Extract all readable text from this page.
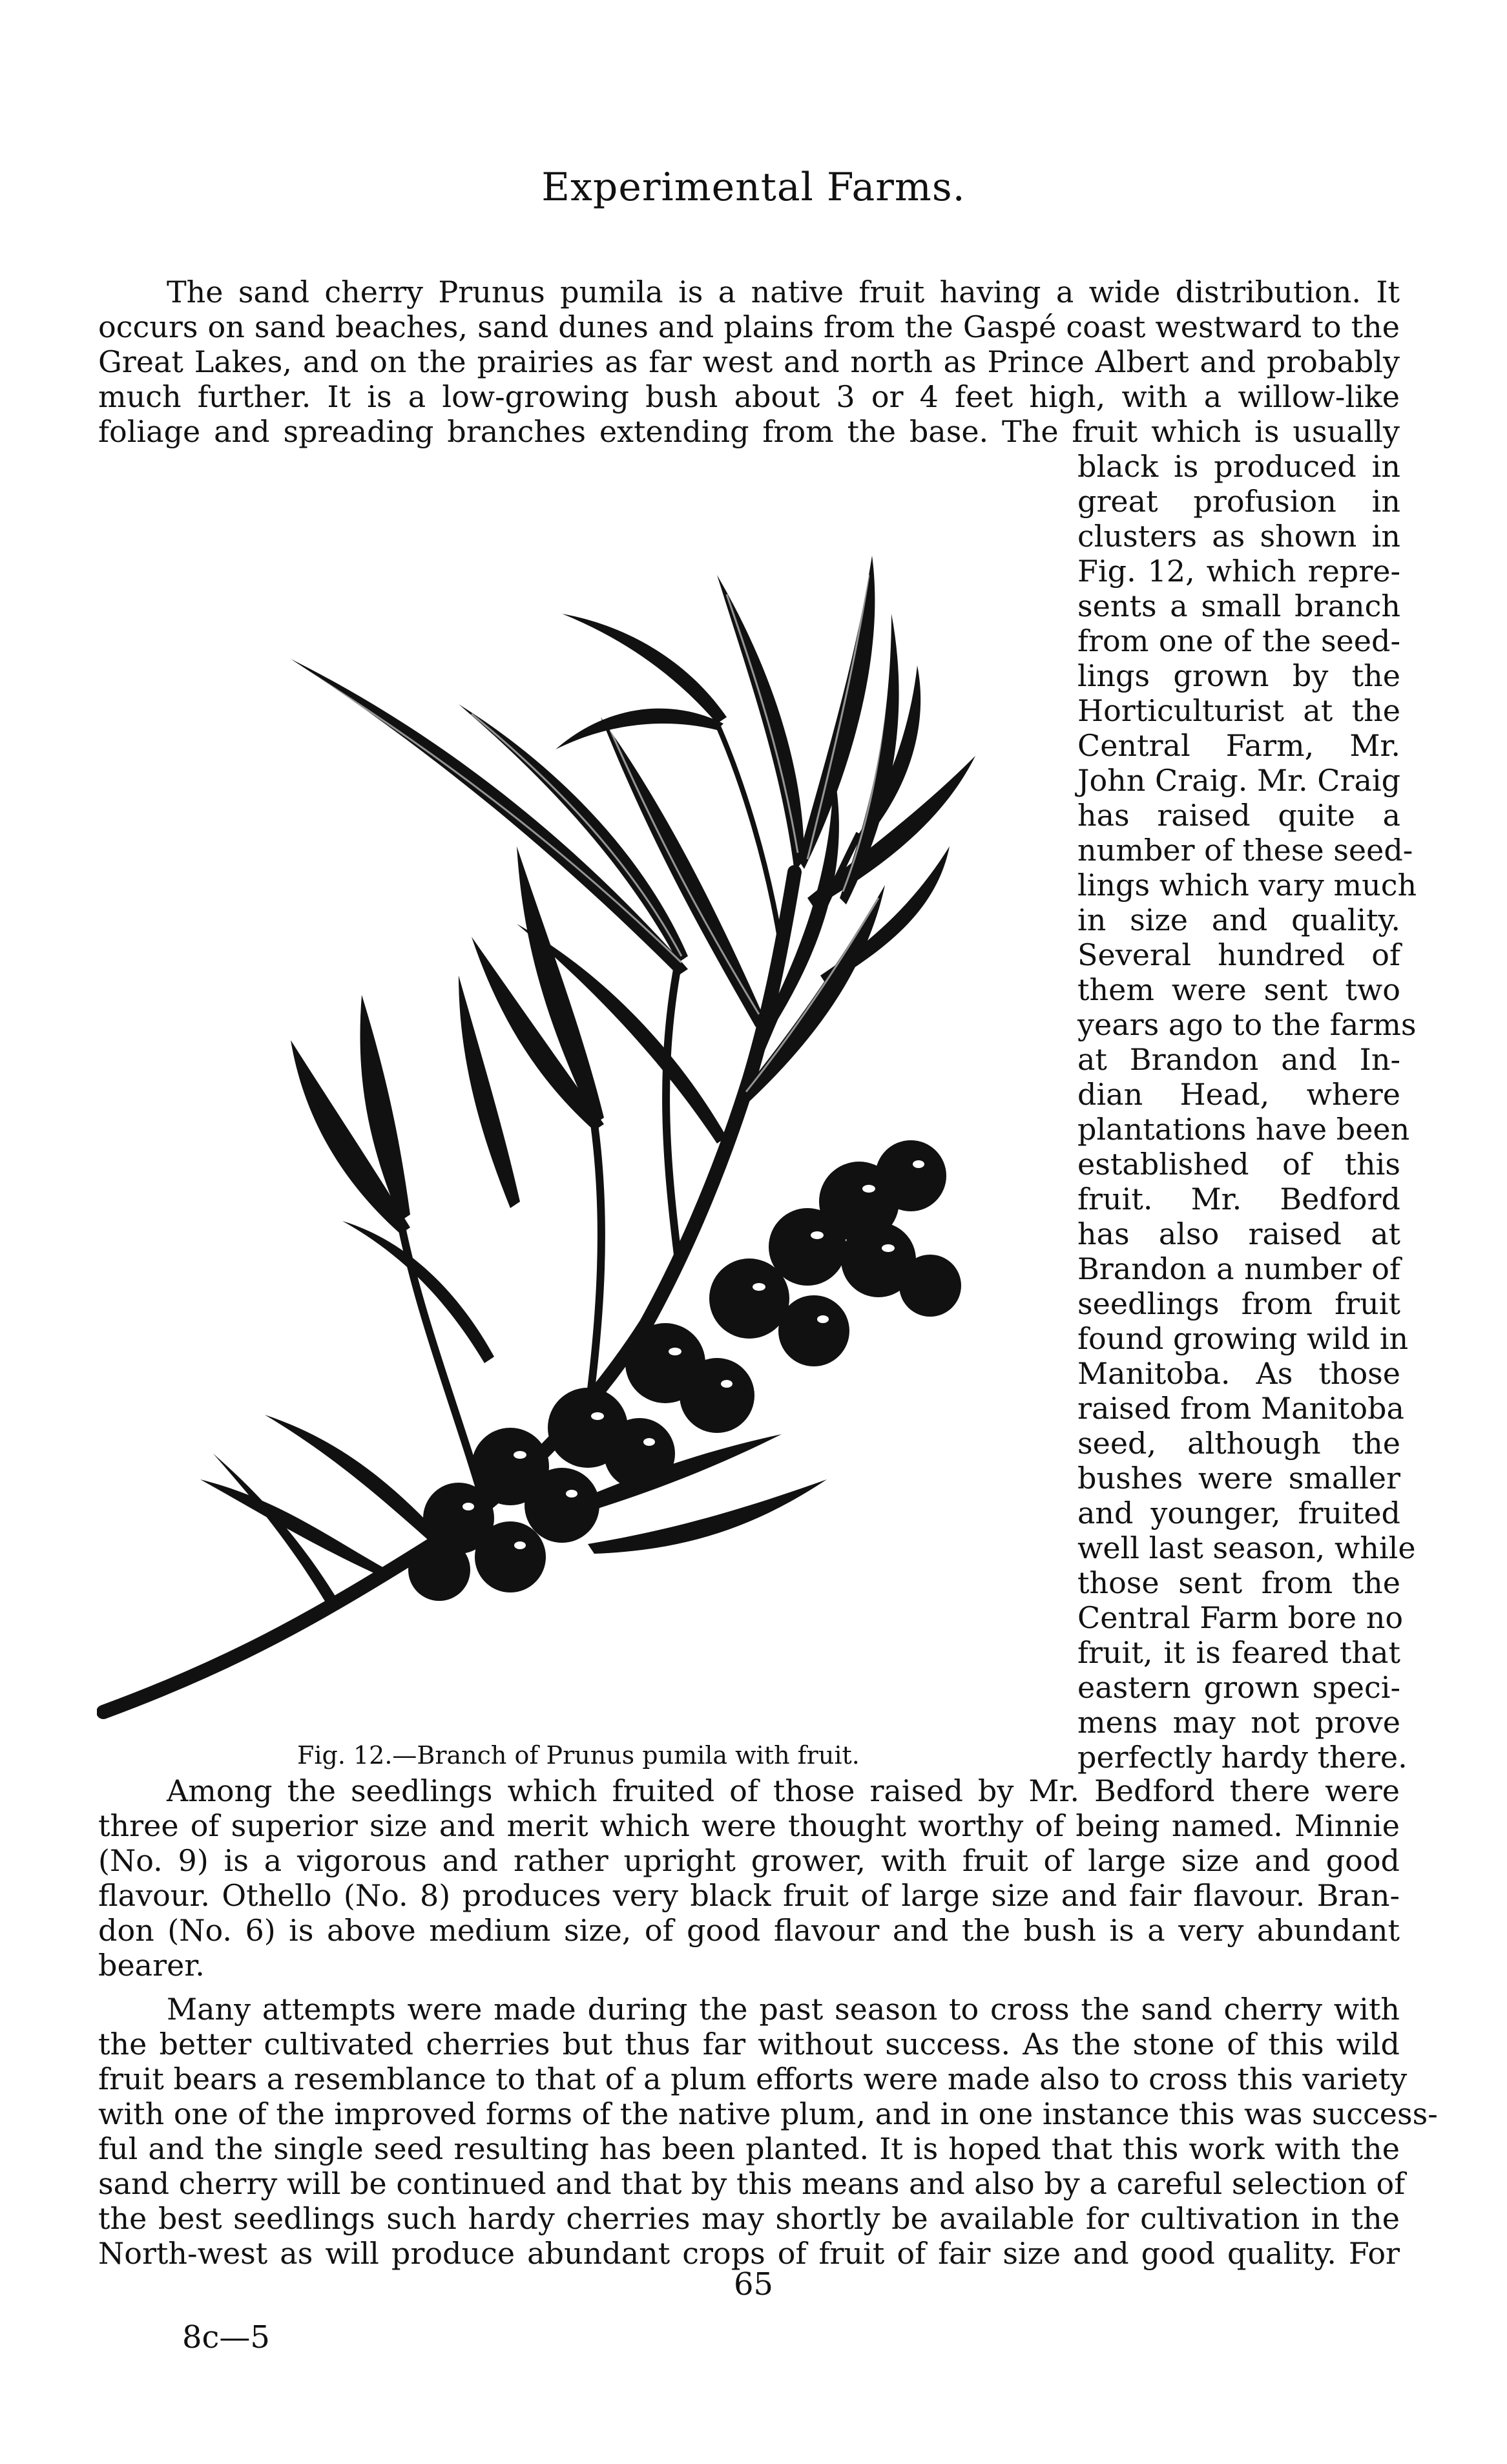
Experimental Farms.
The sand cherry Prunus pumila is a native fruit having a wide distribution. It
occurs on sand beaches, sand dunes and plains from the Gaspé coast westward to the
Great Lakes, and on the prairies as far west and north as Prince Albert and probably
much further. It is a low-growing bush about 3 or 4 feet high, with a willow-like
foliage and spreading branches extending from the base. The fruit which is usually
black is produced in
great profusion in
clusters as shown in
Fig. 12, which repre-
sents a small branch
from one of the seed-
lings grown by the
Horticulturist at the
Central Farm, Mr.
John Craig. Mr. Craig
has raised quite a
number of these seed-
lings which vary much
in size and quality.
Several hundred of
them were sent two
years ago to the farms
at Brandon and In-
dian Head, where
plantations have been
established of this
fruit. Mr. Bedford
has also raised at
Brandon a number of
seedlings from fruit
found growing wild in
Manitoba. As those
raised from Manitoba
seed, although the
bushes were smaller
and younger, fruited
well last season, while
those sent from the
Central Farm bore no
fruit, it is feared that
eastern grown speci-
mens may not prove
perfectly hardy there.
Fig. 12.—Branch of Prunus pumila with fruit.
Among the seedlings which fruited of those raised by Mr. Bedford there were
three of superior size and merit which were thought worthy of being named. Minnie
(No. 9) is a vigorous and rather upright grower, with fruit of large size and good
flavour. Othello (No. 8) produces very black fruit of large size and fair flavour. Bran-
don (No. 6) is above medium size, of good flavour and the bush is a very abundant
bearer.
Many attempts were made during the past season to cross the sand cherry with
the better cultivated cherries but thus far without success. As the stone of this wild
fruit bears a resemblance to that of a plum efforts were made also to cross this variety
with one of the improved forms of the native plum, and in one instance this was success-
ful and the single seed resulting has been planted. It is hoped that this work with the
sand cherry will be continued and that by this means and also by a careful selection of
the best seedlings such hardy cherries may shortly be available for cultivation in the
North-west as will produce abundant crops of fruit of fair size and good quality. For
65
8c—5
